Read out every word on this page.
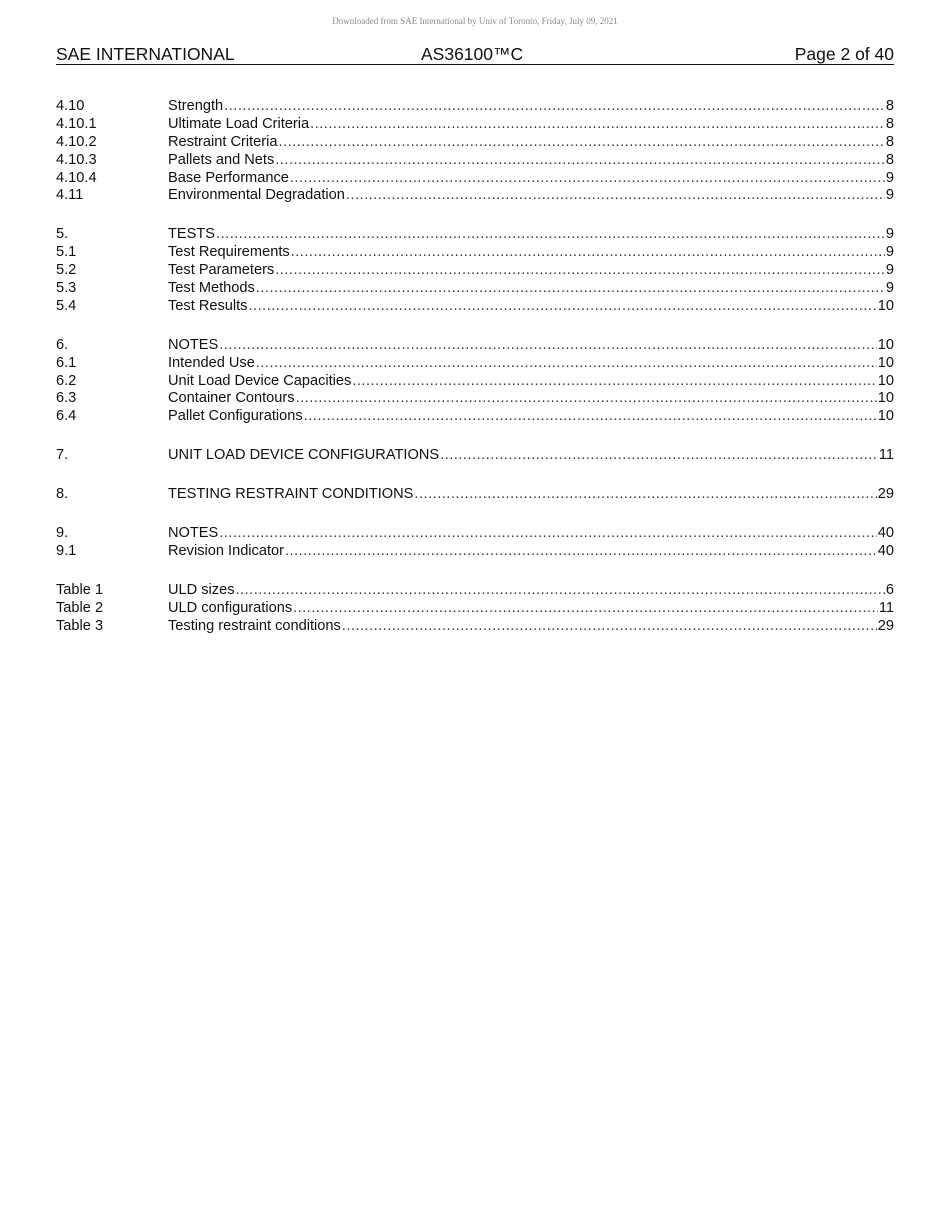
Downloaded from SAE International by Univ of Toronto, Friday, July 09, 2021
SAE INTERNATIONAL	AS36100™C	Page 2 of 40
4.10	Strength .....	8
4.10.1	Ultimate Load Criteria .....	8
4.10.2	Restraint Criteria .....	8
4.10.3	Pallets and Nets .....	8
4.10.4	Base Performance .....	9
4.11	Environmental Degradation .....	9
5.	TESTS .....	9
5.1	Test Requirements .....	9
5.2	Test Parameters .....	9
5.3	Test Methods .....	9
5.4	Test Results .....	10
6.	NOTES .....	10
6.1	Intended Use .....	10
6.2	Unit Load Device Capacities .....	10
6.3	Container Contours .....	10
6.4	Pallet Configurations .....	10
7.	UNIT LOAD DEVICE CONFIGURATIONS .....	11
8.	TESTING RESTRAINT CONDITIONS .....	29
9.	NOTES .....	40
9.1	Revision Indicator .....	40
Table 1	ULD sizes .....	6
Table 2	ULD configurations .....	11
Table 3	Testing restraint conditions .....	29
